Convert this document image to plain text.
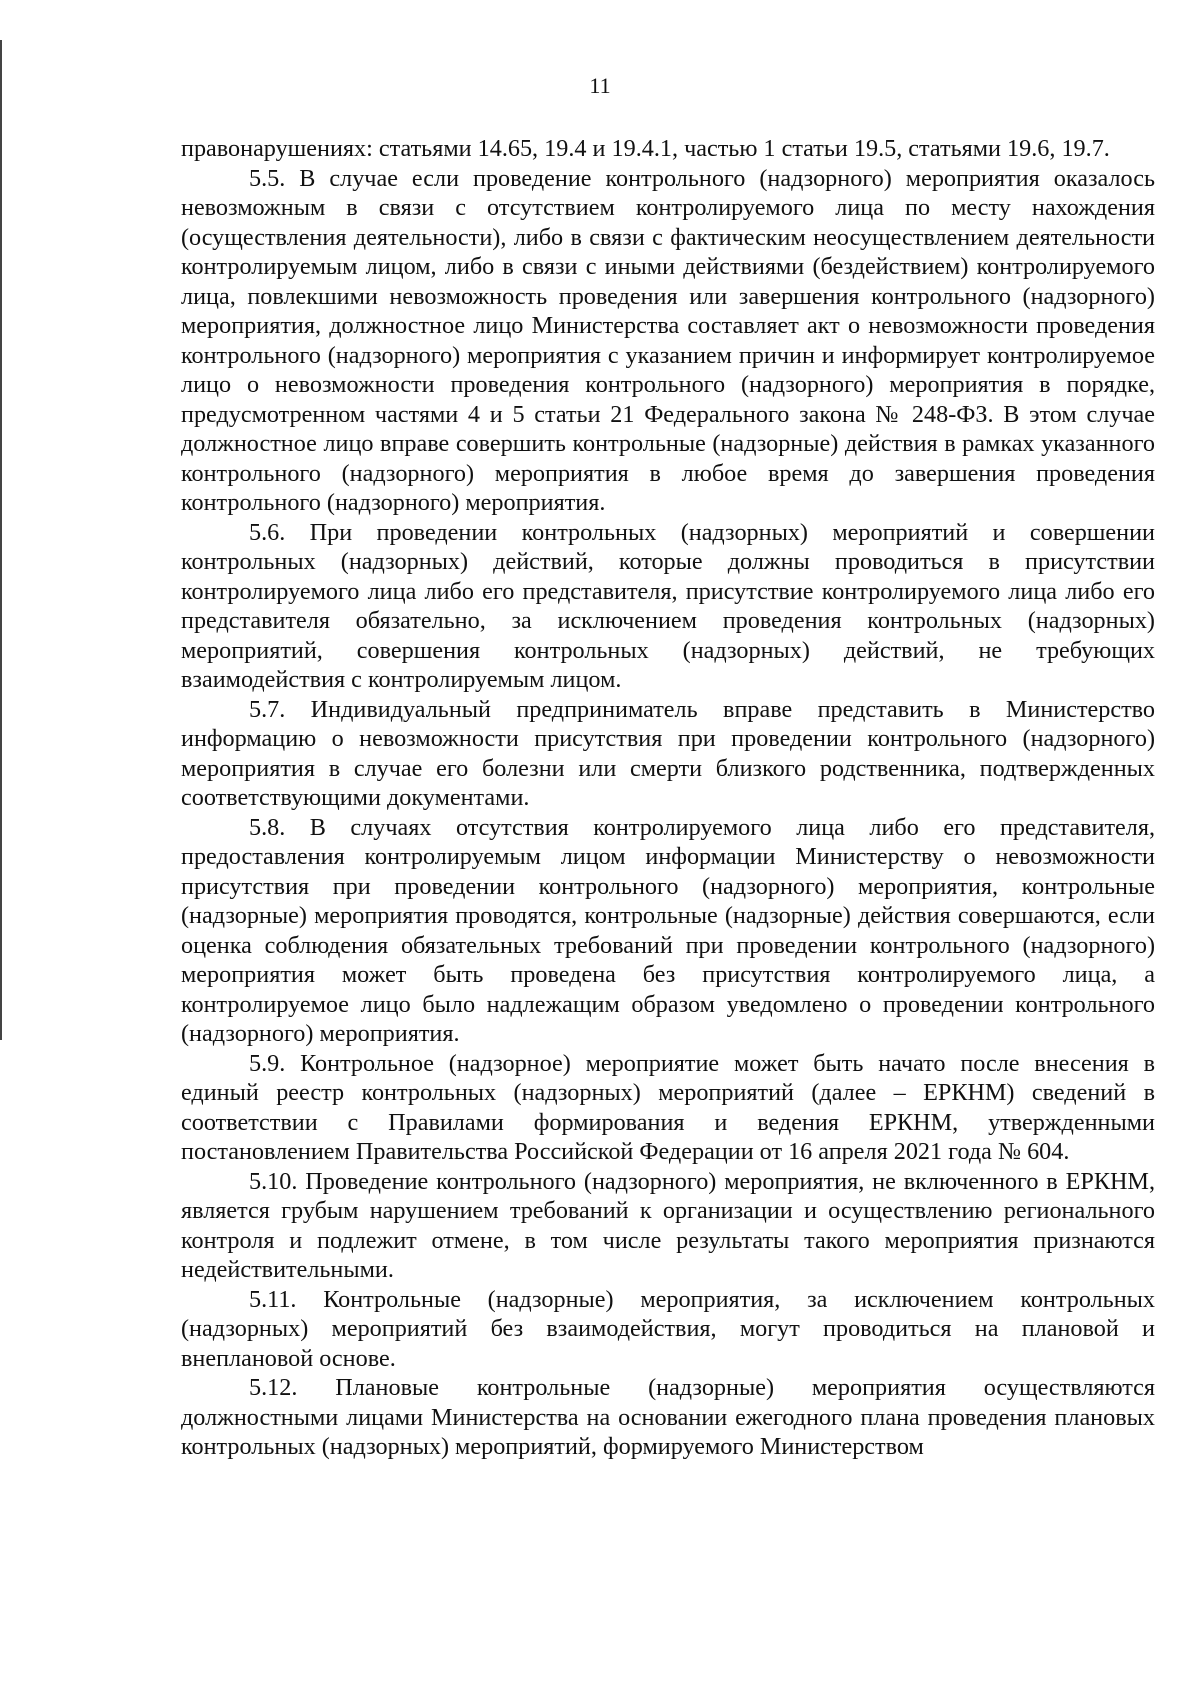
11

правонарушениях: статьями 14.65, 19.4 и 19.4.1, частью 1 статьи 19.5, статьями 19.6, 19.7.

5.5. В случае если проведение контрольного (надзорного) мероприятия оказалось невозможным в связи с отсутствием контролируемого лица по месту нахождения (осуществления деятельности), либо в связи с фактическим неосуществлением деятельности контролируемым лицом, либо в связи с иными действиями (бездействием) контролируемого лица, повлекшими невозможность проведения или завершения контрольного (надзорного) мероприятия, должностное лицо Министерства составляет акт о невозможности проведения контрольного (надзорного) мероприятия с указанием причин и информирует контролируемое лицо о невозможности проведения контрольного (надзорного) мероприятия в порядке, предусмотренном частями 4 и 5 статьи 21 Федерального закона № 248-ФЗ. В этом случае должностное лицо вправе совершить контрольные (надзорные) действия в рамках указанного контрольного (надзорного) мероприятия в любое время до завершения проведения контрольного (надзорного) мероприятия.

5.6. При проведении контрольных (надзорных) мероприятий и совершении контрольных (надзорных) действий, которые должны проводиться в присутствии контролируемого лица либо его представителя, присутствие контролируемого лица либо его представителя обязательно, за исключением проведения контрольных (надзорных) мероприятий, совершения контрольных (надзорных) действий, не требующих взаимодействия с контролируемым лицом.

5.7. Индивидуальный предприниматель вправе представить в Министерство информацию о невозможности присутствия при проведении контрольного (надзорного) мероприятия в случае его болезни или смерти близкого родственника, подтвержденных соответствующими документами.

5.8. В случаях отсутствия контролируемого лица либо его представителя, предоставления контролируемым лицом информации Министерству о невозможности присутствия при проведении контрольного (надзорного) мероприятия, контрольные (надзорные) мероприятия проводятся, контрольные (надзорные) действия совершаются, если оценка соблюдения обязательных требований при проведении контрольного (надзорного) мероприятия может быть проведена без присутствия контролируемого лица, а контролируемое лицо было надлежащим образом уведомлено о проведении контрольного (надзорного) мероприятия.

5.9. Контрольное (надзорное) мероприятие может быть начато после внесения в единый реестр контрольных (надзорных) мероприятий (далее – ЕРКНМ) сведений в соответствии с Правилами формирования и ведения ЕРКНМ, утвержденными постановлением Правительства Российской Федерации от 16 апреля 2021 года № 604.

5.10. Проведение контрольного (надзорного) мероприятия, не включенного в ЕРКНМ, является грубым нарушением требований к организации и осуществлению регионального контроля и подлежит отмене, в том числе результаты такого мероприятия признаются недействительными.

5.11. Контрольные (надзорные) мероприятия, за исключением контрольных (надзорных) мероприятий без взаимодействия, могут проводиться на плановой и внеплановой основе.

5.12. Плановые контрольные (надзорные) мероприятия осуществляются должностными лицами Министерства на основании ежегодного плана проведения плановых контрольных (надзорных) мероприятий, формируемого Министерством
